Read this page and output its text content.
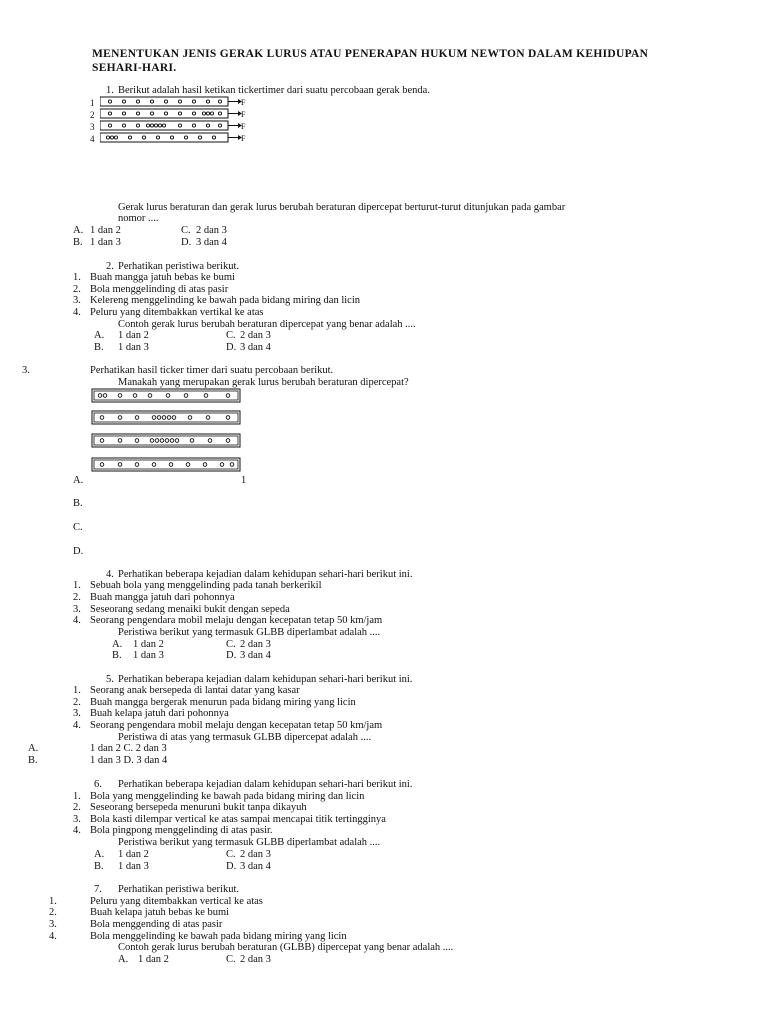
MENENTUKAN JENIS GERAK LURUS ATAU PENERAPAN HUKUM NEWTON DALAM KEHIDUPAN
SEHARI-HARI.
1. Berikut adalah hasil ketikan tickertimer dari suatu percobaan gerak benda.
1
2
3
4
F
F
F
F
Gerak lurus beraturan dan gerak lurus berubah beraturan dipercepat berturut-turut ditunjukan pada gambar
nomor ....
A. 1 dan 2	C. 2 dan 3
B. 1 dan 3	D. 3 dan 4
2. Perhatikan peristiwa berikut.
1. Buah mangga jatuh bebas ke bumi
2. Bola menggelinding di atas pasir
3. Kelereng menggelinding ke bawah pada bidang miring dan licin
4. Peluru yang ditembakkan vertikal ke atas
Contoh gerak lurus berubah beraturan dipercepat yang benar adalah ....
A. 1 dan 2	C. 2 dan 3
B. 1 dan 3	D. 3 dan 4
3.	Perhatikan hasil ticker timer dari suatu percobaan berikut.
Manakah yang merupakan gerak lurus berubah beraturan dipercepat?
A.	1
B.
C.
D.
4. Perhatikan beberapa kejadian dalam kehidupan sehari-hari berikut ini.
1. Sebuah bola yang menggelinding pada tanah berkerikil
2. Buah mangga jatuh dari pohonnya
3. Seseorang sedang menaiki bukit dengan sepeda
4. Seorang pengendara mobil melaju dengan kecepatan tetap 50 km/jam
Peristiwa berikut yang termasuk GLBB diperlambat adalah ....
A. 1 dan 2	C. 2 dan 3
B. 1 dan 3	D. 3 dan 4
5. Perhatikan beberapa kejadian dalam kehidupan sehari-hari berikut ini.
1. Seorang anak bersepeda di lantai datar yang kasar
2. Buah mangga bergerak menurun pada bidang miring yang licin
3. Buah kelapa jatuh dari pohonnya
4. Seorang pengendara mobil melaju dengan kecepatan tetap 50 km/jam
Peristiwa di atas yang termasuk GLBB dipercepat adalah ....
A.	1 dan 2 C. 2 dan 3
B.	1 dan 3 D. 3 dan 4
6. Perhatikan beberapa kejadian dalam kehidupan sehari-hari berikut ini.
1. Bola yang menggelinding ke bawah pada bidang miring dan licin
2. Seseorang bersepeda menuruni bukit tanpa dikayuh
3. Bola kasti dilempar vertical ke atas sampai mencapai titik tertingginya
4. Bola pingpong menggelinding di atas pasir.
Peristiwa berikut yang termasuk GLBB diperlambat adalah ....
A. 1 dan 2	C. 2 dan 3
B. 1 dan 3	D. 3 dan 4
7. Perhatikan peristiwa berikut.
1.	Peluru yang ditembakkan vertical ke atas
2.	Buah kelapa jatuh bebas ke bumi
3.	Bola menggending di atas pasir
4.	Bola menggelinding ke bawah pada bidang miring yang licin
Contoh gerak lurus berubah beraturan (GLBB) dipercepat yang benar adalah ....
A. 1 dan 2	C. 2 dan 3
